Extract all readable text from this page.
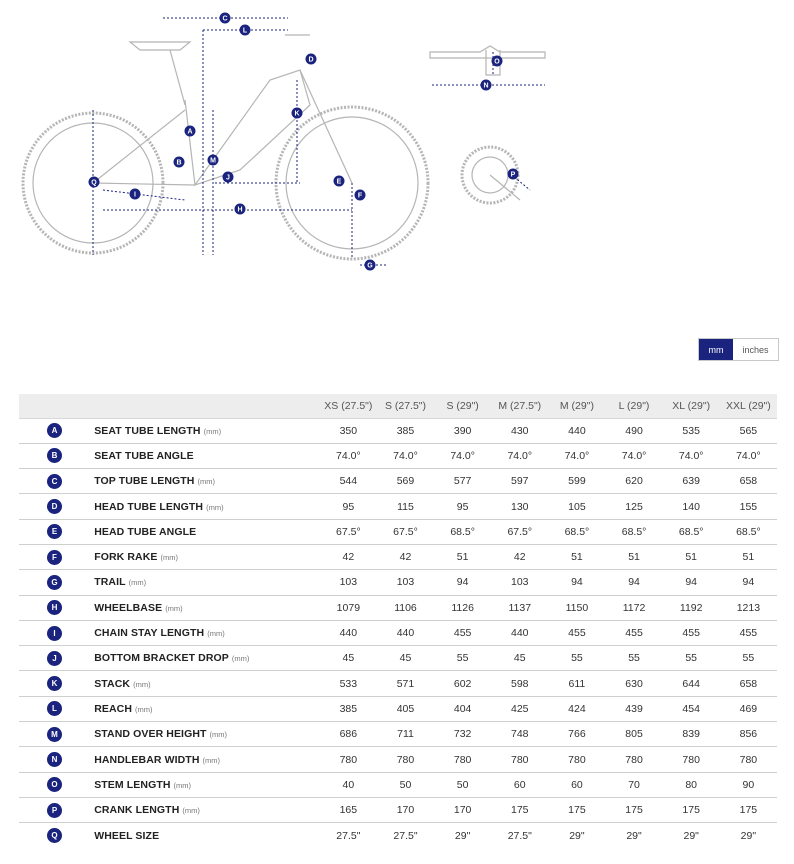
A
B
C
D
E
F
G
H
I
J
K
L
M
N
O
P
Q
mm	inches
		XS (27.5")	S (27.5")	S (29")	M (27.5")	M (29")	L (29")	XL (29")	XXL (29")
A	SEAT TUBE LENGTH (mm)	350	385	390	430	440	490	535	565
B	SEAT TUBE ANGLE	74.0°	74.0°	74.0°	74.0°	74.0°	74.0°	74.0°	74.0°
C	TOP TUBE LENGTH (mm)	544	569	577	597	599	620	639	658
D	HEAD TUBE LENGTH (mm)	95	115	95	130	105	125	140	155
E	HEAD TUBE ANGLE	67.5°	67.5°	68.5°	67.5°	68.5°	68.5°	68.5°	68.5°
F	FORK RAKE (mm)	42	42	51	42	51	51	51	51
G	TRAIL (mm)	103	103	94	103	94	94	94	94
H	WHEELBASE (mm)	1079	1106	1126	1137	1150	1172	1192	1213
I	CHAIN STAY LENGTH (mm)	440	440	455	440	455	455	455	455
J	BOTTOM BRACKET DROP (mm)	45	45	55	45	55	55	55	55
K	STACK (mm)	533	571	602	598	611	630	644	658
L	REACH (mm)	385	405	404	425	424	439	454	469
M	STAND OVER HEIGHT (mm)	686	711	732	748	766	805	839	856
N	HANDLEBAR WIDTH (mm)	780	780	780	780	780	780	780	780
O	STEM LENGTH (mm)	40	50	50	60	60	70	80	90
P	CRANK LENGTH (mm)	165	170	170	175	175	175	175	175
Q	WHEEL SIZE	27.5"	27.5"	29"	27.5"	29"	29"	29"	29"
